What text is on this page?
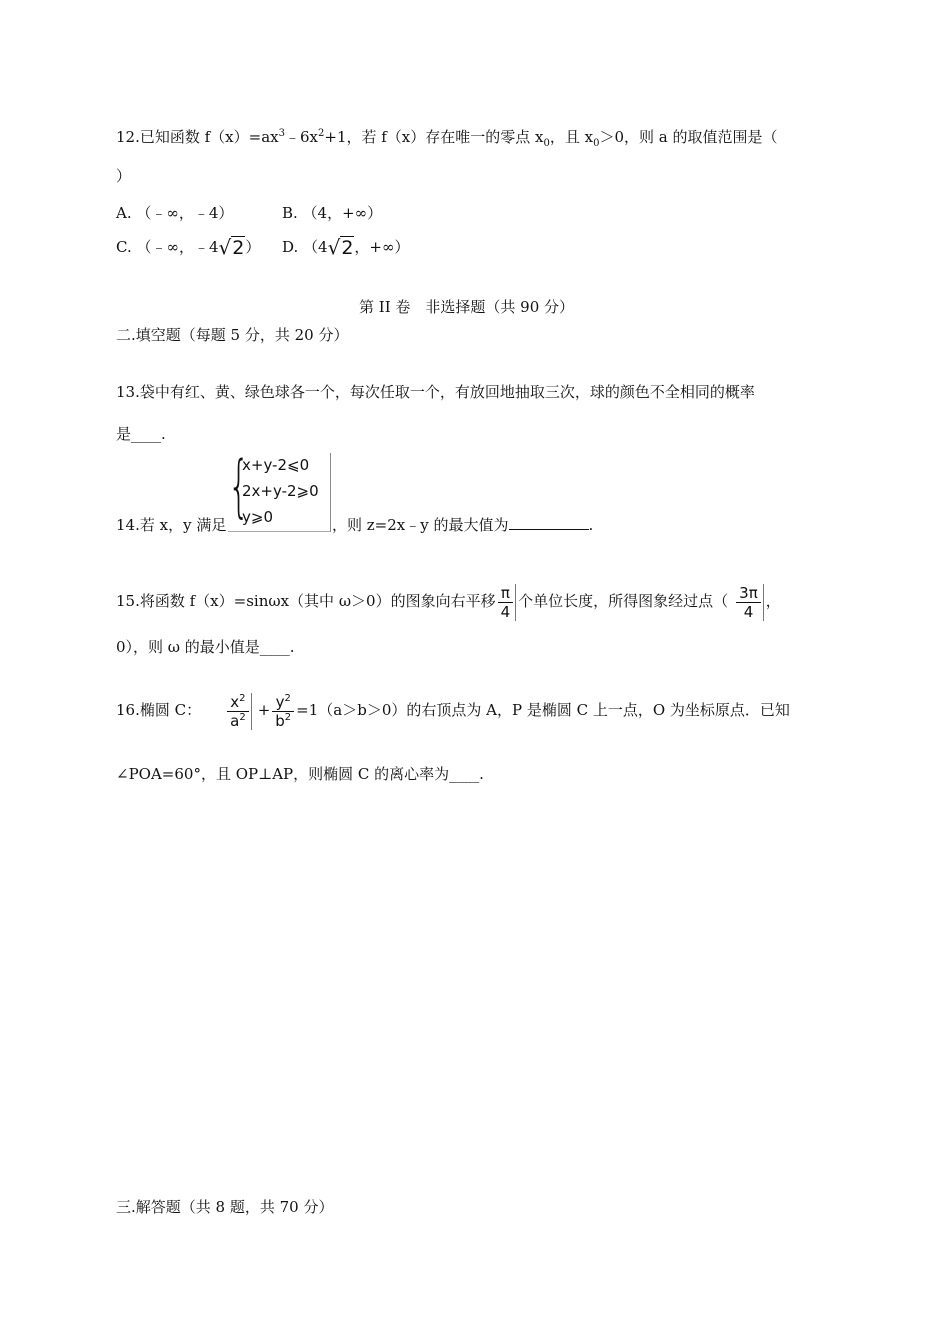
12.已知函数 $f(x)=ax^3﹣6x^2+1$，若 f（x）存在唯一的零点 $x_0$，且 $x_0>0$，则 a 的取值范围是（
）
A. （﹣∞，﹣4）	B. （4，+∞）
C. （﹣∞，﹣4√2） D. （4√2，+∞）
第 II 卷　非选择题（共 90 分）
二.填空题（每题 5 分，共 20 分）
13.袋中有红、黄、绿色球各一个，每次任取一个，有放回地抽取三次，球的颜色不全相同的概率
是____.
{
x+y-2⩽0
2x+y-2⩾0
y⩾0
14.若 x，y 满足	，则 z=2x﹣y 的最大值为	.
15.将函数 f（x）=sinωx（其中 ω＞0）的图象向右平移 $\frac{\pi}{4}$ 个单位长度，所得图象经过点（ $\frac{3\pi}{4}$ ，
0），则 ω 的最小值是____.
16.椭圆 C： $\frac{x^2}{a^2} + \frac{y^2}{b^2} =1(a>b>0)$的右顶点为 A，P 是椭圆 C 上一点，O 为坐标原点．已知
∠POA=60°，且 OP⊥AP，则椭圆 C 的离心率为____.
三.解答题（共 8 题，共 70 分）
